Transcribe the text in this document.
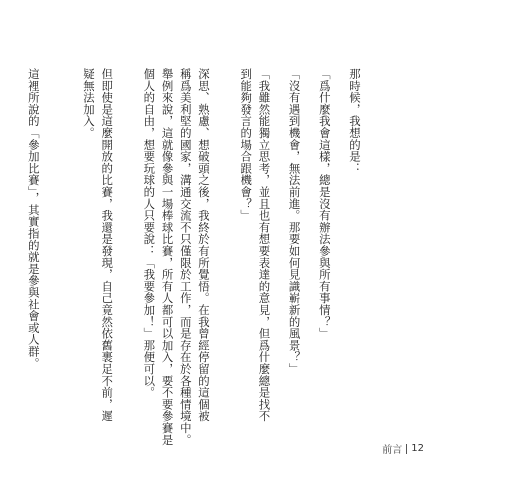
那時候，我想的是：
「爲什麼我會這樣，總是沒有辦法參與所有事情？」
「沒有遇到機會，無法前進。那要如何見識嶄新的風景？」
「我雖然能獨立思考，並且也有想要表達的意見，但爲什麼總是找不
到能夠發言的場合跟機會？」
深思、熟慮、想破頭之後，我終於有所覺悟。在我曾經停留的這個被
稱爲美利堅的國家，溝通交流不只僅限於工作，而是存在於各種情境中。
舉例來說，這就像參與一場棒球比賽，所有人都可以加入，要不要參賽是
個人的自由，想要玩球的人只要說：「我要參加！」那便可以。
但即使是這麼開放的比賽，我還是發現，自己竟然依舊裹足不前，遲
疑無法加入。
這裡所說的「參加比賽」，其實指的就是參與社會或人群。
前言 12
